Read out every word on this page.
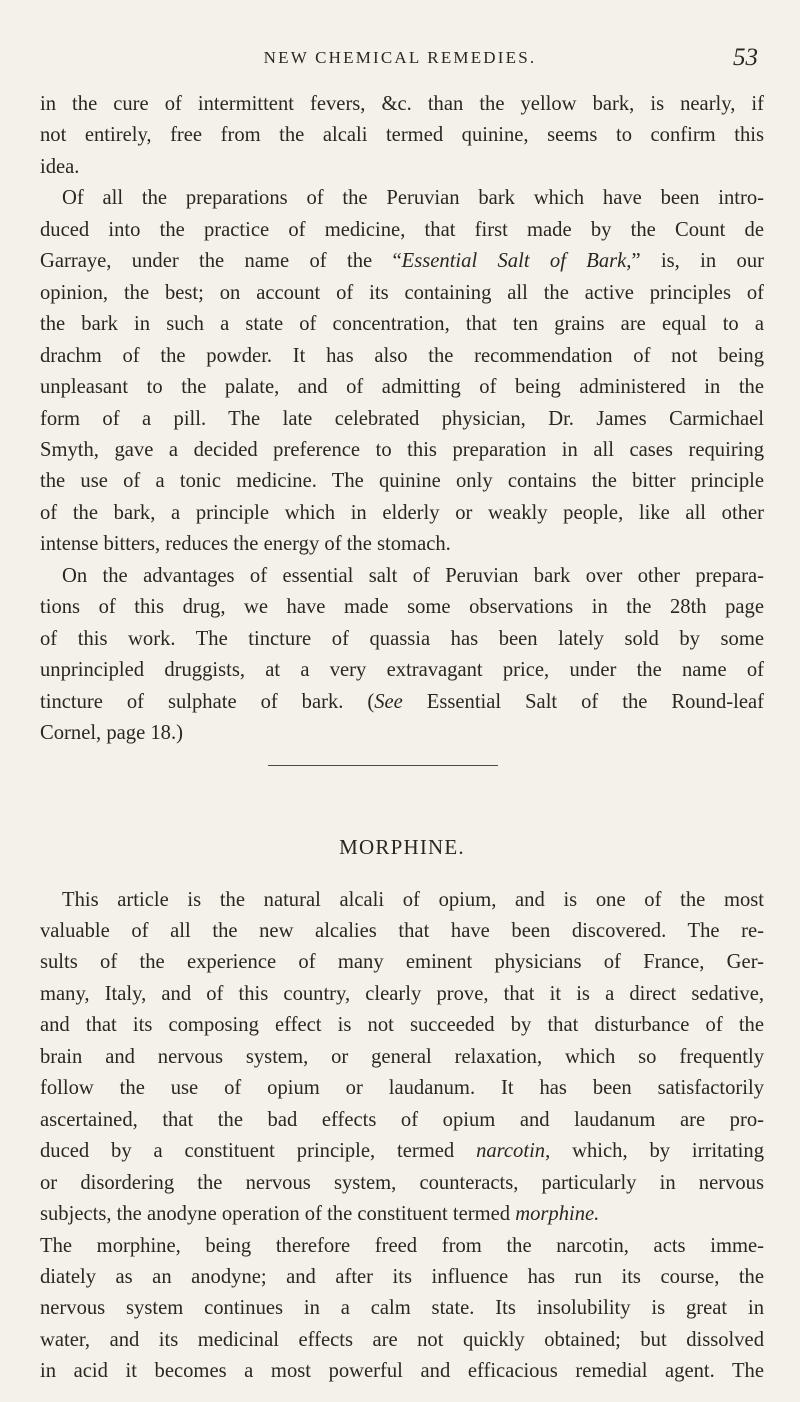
NEW CHEMICAL REMEDIES.	53
in the cure of intermittent fevers, &c. than the yellow bark, is nearly, if
not entirely, free from the alcali termed quinine, seems to confirm this
idea.
Of all the preparations of the Peruvian bark which have been intro-
duced into the practice of medicine, that first made by the Count de
Garraye, under the name of the “Essential Salt of Bark,” is, in our
opinion, the best; on account of its containing all the active principles of
the bark in such a state of concentration, that ten grains are equal to a
drachm of the powder. It has also the recommendation of not being
unpleasant to the palate, and of admitting of being administered in the
form of a pill. The late celebrated physician, Dr. James Carmichael
Smyth, gave a decided preference to this preparation in all cases requiring
the use of a tonic medicine. The quinine only contains the bitter principle
of the bark, a principle which in elderly or weakly people, like all other
intense bitters, reduces the energy of the stomach.
On the advantages of essential salt of Peruvian bark over other prepara-
tions of this drug, we have made some observations in the 28th page
of this work. The tincture of quassia has been lately sold by some
unprincipled druggists, at a very extravagant price, under the name of
tincture of sulphate of bark. (See Essential Salt of the Round-leaf
Cornel, page 18.)
MORPHINE.
This article is the natural alcali of opium, and is one of the most
valuable of all the new alcalies that have been discovered. The re-
sults of the experience of many eminent physicians of France, Ger-
many, Italy, and of this country, clearly prove, that it is a direct sedative,
and that its composing effect is not succeeded by that disturbance of the
brain and nervous system, or general relaxation, which so frequently
follow the use of opium or laudanum. It has been satisfactorily
ascertained, that the bad effects of opium and laudanum are pro-
duced by a constituent principle, termed narcotin, which, by irritating
or disordering the nervous system, counteracts, particularly in nervous
subjects, the anodyne operation of the constituent termed morphine.
The morphine, being therefore freed from the narcotin, acts imme-
diately as an anodyne; and after its influence has run its course, the
nervous system continues in a calm state. Its insolubility is great in
water, and its medicinal effects are not quickly obtained; but dissolved
in acid it becomes a most powerful and efficacious remedial agent. The
